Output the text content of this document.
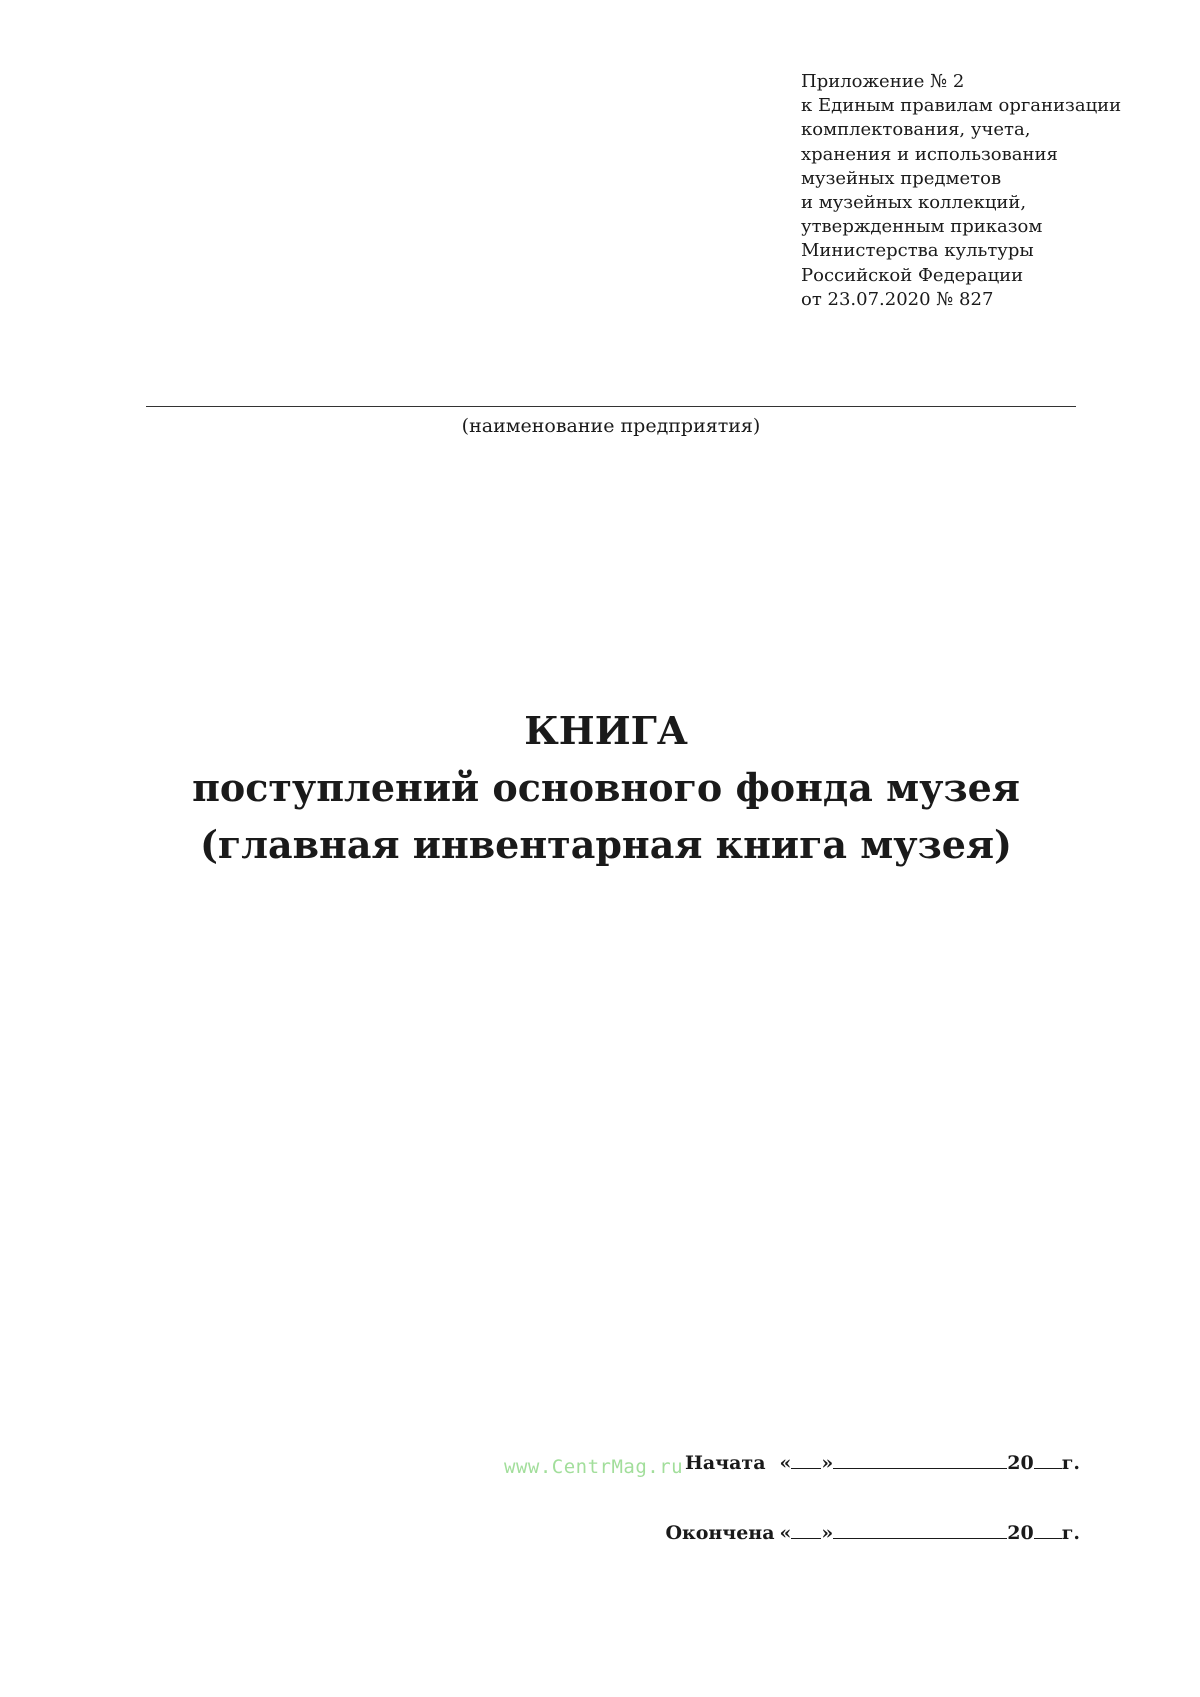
Приложение № 2
к Единым правилам организации
комплектования, учета,
хранения и использования
музейных предметов
и музейных коллекций,
утвержденным приказом
Министерства культуры
Российской Федерации
от 23.07.2020 № 827
(наименование предприятия)
КНИГА
поступлений основного фонда музея
(главная инвентарная книга музея)
www.CentrMag.ru Начата « »	20 г.
Окончена « »	20 г.
